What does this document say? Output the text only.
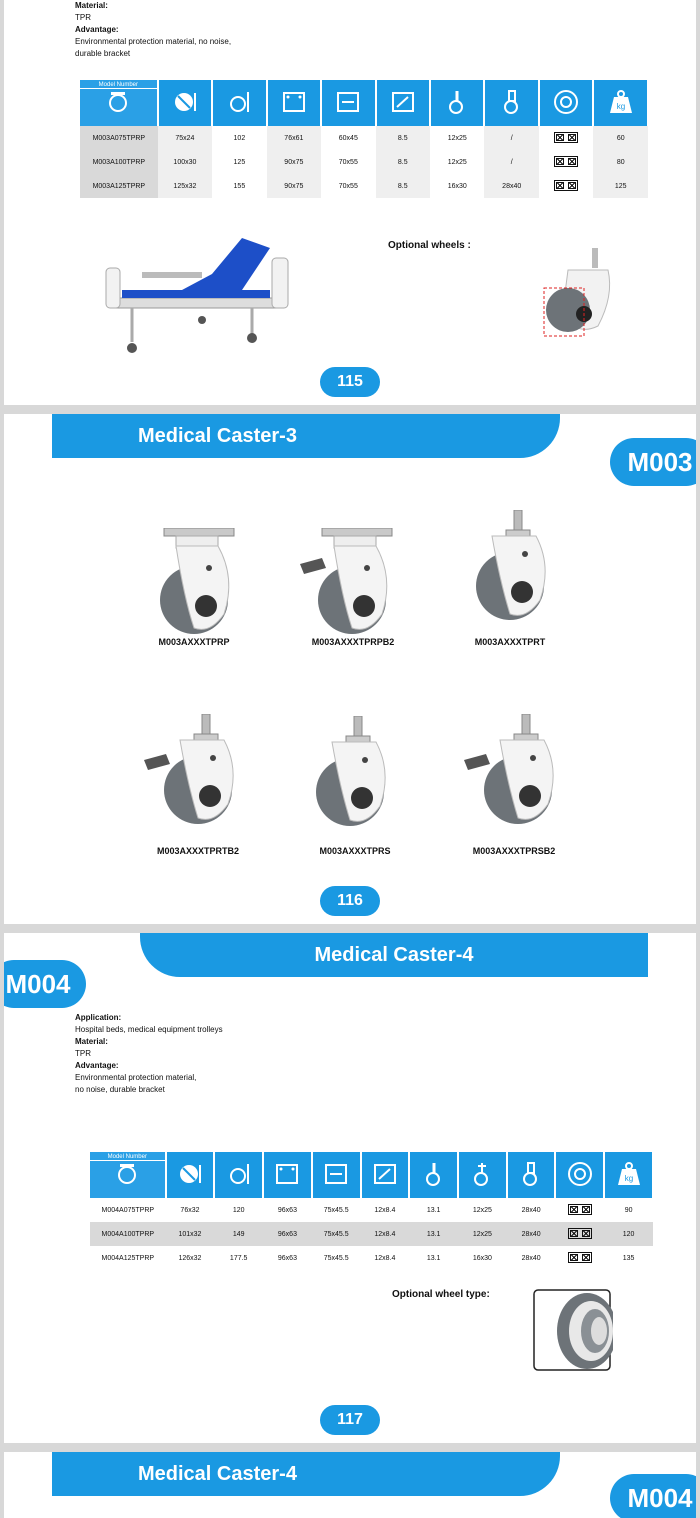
Material:
TPR
Advantage:
Environmental protection material, no noise,
durable bracket
Model Number									kg

M003A075TPRP	75x24	102	76x61	60x45	8.5	12x25	/		60
M003A100TPRP	100x30	125	90x75	70x55	8.5	12x25	/		80
M003A125TPRP	125x32	155	90x75	70x55	8.5	16x30	28x40		125
Optional wheels :
115
Medical Caster-3
M003
M003AXXXTPRP	M003AXXXTPRPB2	M003AXXXTPRT
M003AXXXTPRTB2	M003AXXXTPRS	M003AXXXTPRSB2
116
Medical Caster-4
M004
Application:
Hospital beds, medical equipment trolleys
Material:
TPR
Advantage:
Environmental protection material,
no noise, durable bracket
Model Number										kg

M004A075TPRP	76x32	120	96x63	75x45.5	12x8.4	13.1	12x25	28x40		90
M004A100TPRP	101x32	149	96x63	75x45.5	12x8.4	13.1	12x25	28x40		120
M004A125TPRP	126x32	177.5	96x63	75x45.5	12x8.4	13.1	16x30	28x40		135
Optional wheel type:
117
Medical Caster-4
M004
